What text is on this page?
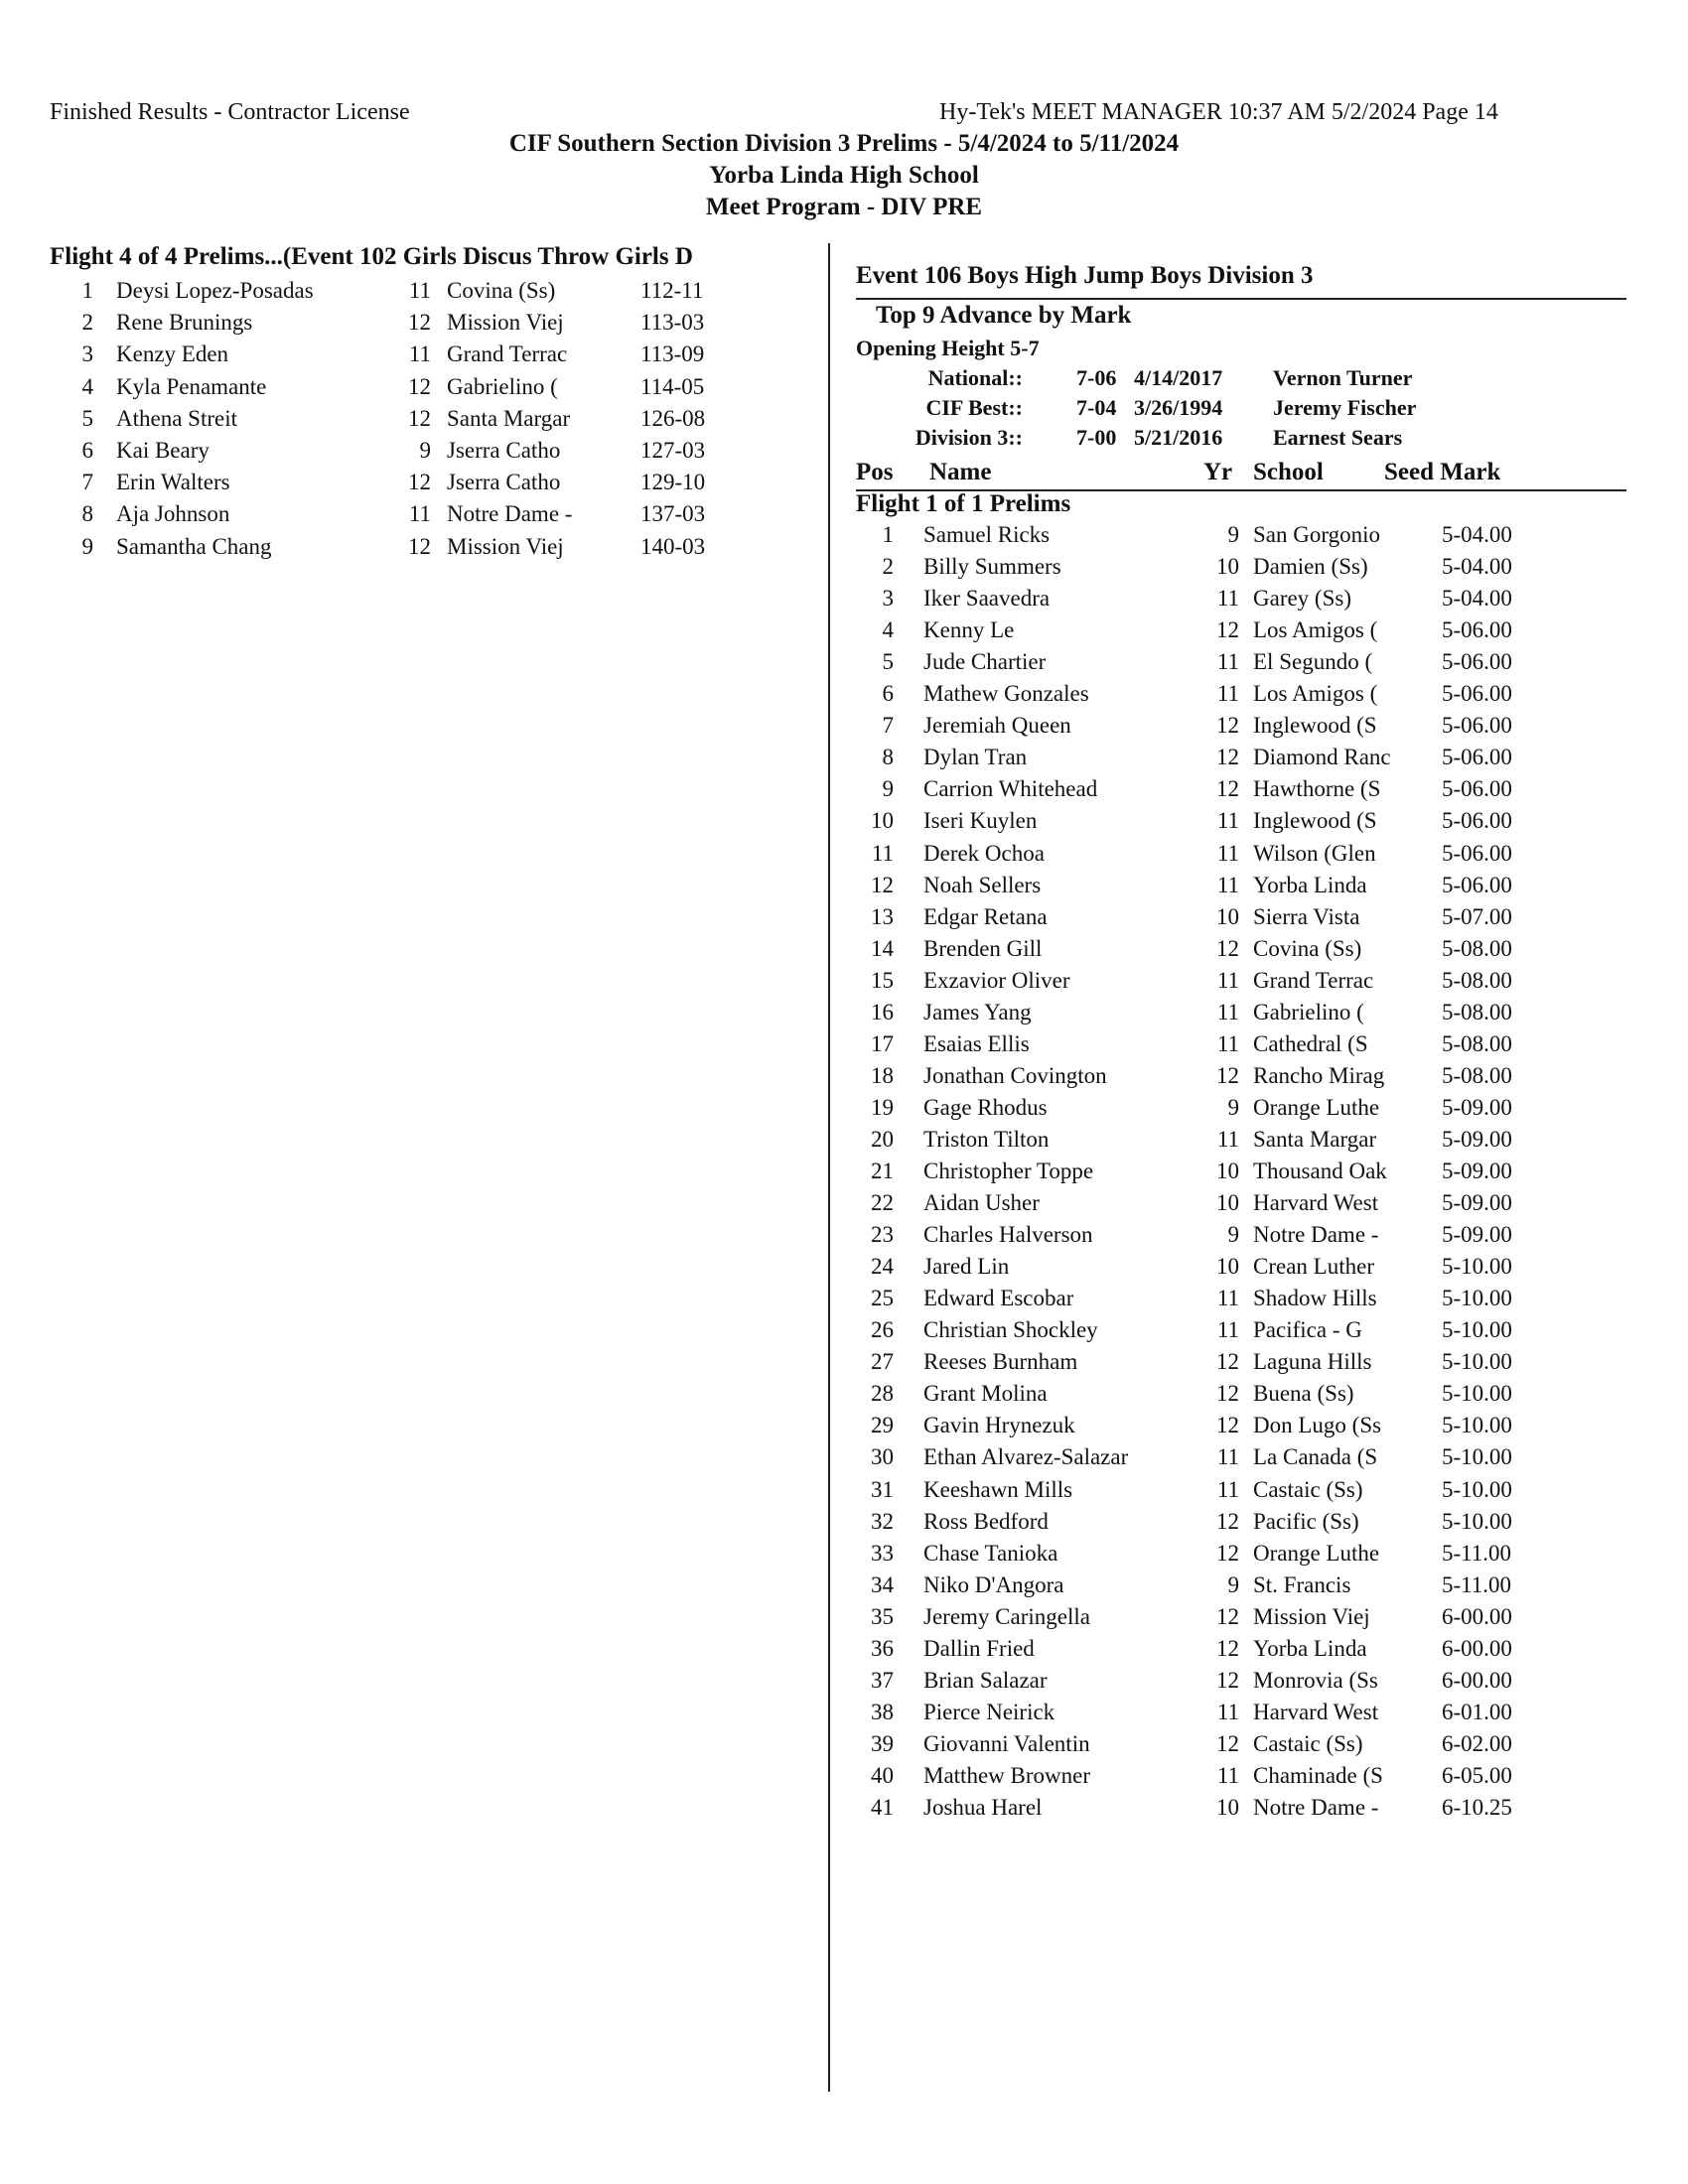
Finished Results - Contractor License	Hy-Tek's MEET MANAGER 10:37 AM 5/2/2024 Page 14
CIF Southern Section Division 3 Prelims - 5/4/2024 to 5/11/2024
Yorba Linda High School
Meet Program - DIV PRE
Flight 4 of 4 Prelims...(Event 102 Girls Discus Throw Girls D
1 Deysi Lopez-Posadas	11 Covina (Ss)	112-11
2 Rene Brunings	12 Mission Viej	113-03
3 Kenzy Eden	11 Grand Terrac	113-09
4 Kyla Penamante	12 Gabrielino (	114-05
5 Athena Streit	12 Santa Margar	126-08
6 Kai Beary	9 Jserra Catho	127-03
7 Erin Walters	12 Jserra Catho	129-10
8 Aja Johnson	11 Notre Dame -	137-03
9 Samantha Chang	12 Mission Viej	140-03
Event 106 Boys High Jump Boys Division 3
Top 9 Advance by Mark
Opening Height 5-7
National:: 7-06 4/14/2017 Vernon Turner
CIF Best:: 7-04 3/26/1994 Jeremy Fischer
Division 3:: 7-00 5/21/2016 Earnest Sears
Pos Name	Yr School Seed Mark
Flight 1 of 1 Prelims
1 Samuel Ricks	9 San Gorgonio	5-04.00
2 Billy Summers	10 Damien (Ss)	5-04.00
3 Iker Saavedra	11 Garey (Ss)	5-04.00
4 Kenny Le	12 Los Amigos (	5-06.00
5 Jude Chartier	11 El Segundo (	5-06.00
6 Mathew Gonzales	11 Los Amigos (	5-06.00
7 Jeremiah Queen	12 Inglewood (S	5-06.00
8 Dylan Tran	12 Diamond Ranc	5-06.00
9 Carrion Whitehead	12 Hawthorne (S	5-06.00
10 Iseri Kuylen	11 Inglewood (S	5-06.00
11 Derek Ochoa	11 Wilson (Glen	5-06.00
12 Noah Sellers	11 Yorba Linda	5-06.00
13 Edgar Retana	10 Sierra Vista	5-07.00
14 Brenden Gill	12 Covina (Ss)	5-08.00
15 Exzavior Oliver	11 Grand Terrac	5-08.00
16 James Yang	11 Gabrielino (	5-08.00
17 Esaias Ellis	11 Cathedral (S	5-08.00
18 Jonathan Covington	12 Rancho Mirag	5-08.00
19 Gage Rhodus	9 Orange Luthe	5-09.00
20 Triston Tilton	11 Santa Margar	5-09.00
21 Christopher Toppe	10 Thousand Oak	5-09.00
22 Aidan Usher	10 Harvard West	5-09.00
23 Charles Halverson	9 Notre Dame -	5-09.00
24 Jared Lin	10 Crean Luther	5-10.00
25 Edward Escobar	11 Shadow Hills	5-10.00
26 Christian Shockley	11 Pacifica - G	5-10.00
27 Reeses Burnham	12 Laguna Hills	5-10.00
28 Grant Molina	12 Buena (Ss)	5-10.00
29 Gavin Hrynezuk	12 Don Lugo (Ss	5-10.00
30 Ethan Alvarez-Salazar	11 La Canada (S	5-10.00
31 Keeshawn Mills	11 Castaic (Ss)	5-10.00
32 Ross Bedford	12 Pacific (Ss)	5-10.00
33 Chase Tanioka	12 Orange Luthe	5-11.00
34 Niko D'Angora	9 St. Francis	5-11.00
35 Jeremy Caringella	12 Mission Viej	6-00.00
36 Dallin Fried	12 Yorba Linda	6-00.00
37 Brian Salazar	12 Monrovia (Ss	6-00.00
38 Pierce Neirick	11 Harvard West	6-01.00
39 Giovanni Valentin	12 Castaic (Ss)	6-02.00
40 Matthew Browner	11 Chaminade (S	6-05.00
41 Joshua Harel	10 Notre Dame -	6-10.25
